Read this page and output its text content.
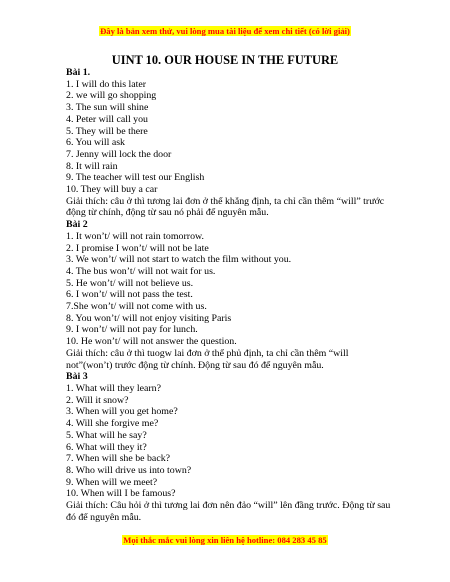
Đây là bản xem thử, vui lòng mua tài liệu để xem chi tiết (có lời giải)
UINT 10. OUR HOUSE IN THE FUTURE
Bài 1.
1. I will do this later
2. we will go shopping
3. The sun will shine
4. Peter will call you
5. They will be there
6. You will ask
7. Jenny will lock the door
8. It will rain
9. The teacher will test our English
10. They will buy a car
Giải thích: câu ở thì tương lai đơn ở thể khẳng định, ta chỉ cần thêm “will” trước động từ chính, động từ sau nó phải để nguyên mẫu.
Bài 2
1. It won’t/ will not rain tomorrow.
2. I promise I won’t/ will not be late
3. We won’t/ will not start to watch the film without you.
4. The bus won’t/ will not wait for us.
5. He won’t/ will not believe us.
6. I won’t/ will not pass the test.
7.She won’t/ will not come with us.
8. You won’t/ will not enjoy visiting Paris
9. I won’t/ will not pay for lunch.
10. He won’t/ will not answer the question.
Giải thích: câu ở thì tuogw lai đơn ở thể phủ định, ta chỉ cần thêm “will not”(won’t) trước động từ chính. Động từ sau đó để nguyên mẫu.
Bài 3
1. What will they learn?
2. Will it snow?
3. When will you get home?
4. Will she forgive me?
5. What will he say?
6. What will they it?
7. When will she be back?
8. Who will drive us into town?
9. When will we meet?
10. When will I be famous?
Giải thích: Câu hỏi ở thì tương lai đơn nên đảo “will” lên đầng trước. Động từ sau đó để nguyên mẫu.
Mọi thắc mắc vui lòng xin liên hệ hotline: 084 283 45 85
